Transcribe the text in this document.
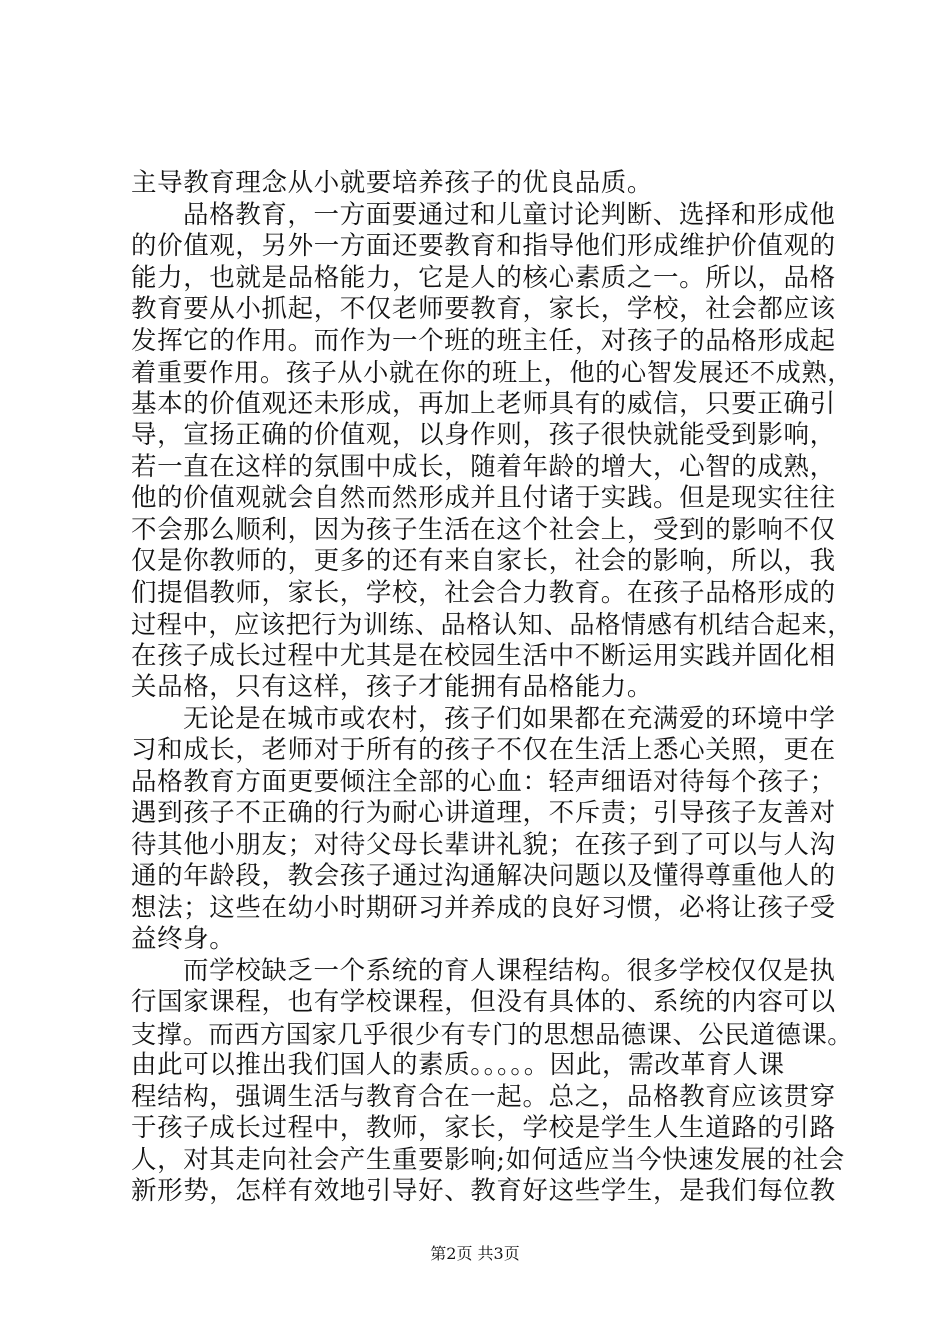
主导教育理念从小就要培养孩子的优良品质。
品格教育，一方面要通过和儿童讨论判断、选择和形成他
的价值观，另外一方面还要教育和指导他们形成维护价值观的
能力，也就是品格能力，它是人的核心素质之一。所以，品格
教育要从小抓起，不仅老师要教育，家长，学校，社会都应该
发挥它的作用。而作为一个班的班主任，对孩子的品格形成起
着重要作用。孩子从小就在你的班上，他的心智发展还不成熟，
基本的价值观还未形成，再加上老师具有的威信，只要正确引
导，宣扬正确的价值观，以身作则，孩子很快就能受到影响，
若一直在这样的氛围中成长，随着年龄的增大，心智的成熟，
他的价值观就会自然而然形成并且付诸于实践。但是现实往往
不会那么顺利，因为孩子生活在这个社会上，受到的影响不仅
仅是你教师的，更多的还有来自家长，社会的影响，所以，我
们提倡教师，家长，学校，社会合力教育。在孩子品格形成的
过程中，应该把行为训练、品格认知、品格情感有机结合起来，
在孩子成长过程中尤其是在校园生活中不断运用实践并固化相
关品格，只有这样，孩子才能拥有品格能力。
无论是在城市或农村，孩子们如果都在充满爱的环境中学
习和成长，老师对于所有的孩子不仅在生活上悉心关照，更在
品格教育方面更要倾注全部的心血：轻声细语对待每个孩子；
遇到孩子不正确的行为耐心讲道理，不斥责；引导孩子友善对
待其他小朋友；对待父母长辈讲礼貌；在孩子到了可以与人沟
通的年龄段，教会孩子通过沟通解决问题以及懂得尊重他人的
想法；这些在幼小时期研习并养成的良好习惯，必将让孩子受
益终身。
而学校缺乏一个系统的育人课程结构。很多学校仅仅是执
行国家课程，也有学校课程，但没有具体的、系统的内容可以
支撑。而西方国家几乎很少有专门的思想品德课、公民道德课。
由此可以推出我们国人的素质。。。。。因此，需改革育人课
程结构，强调生活与教育合在一起。总之，品格教育应该贯穿
于孩子成长过程中，教师，家长，学校是学生人生道路的引路
人，对其走向社会产生重要影响;如何适应当今快速发展的社会
新形势，怎样有效地引导好、教育好这些学生，是我们每位教
第2页 共3页
